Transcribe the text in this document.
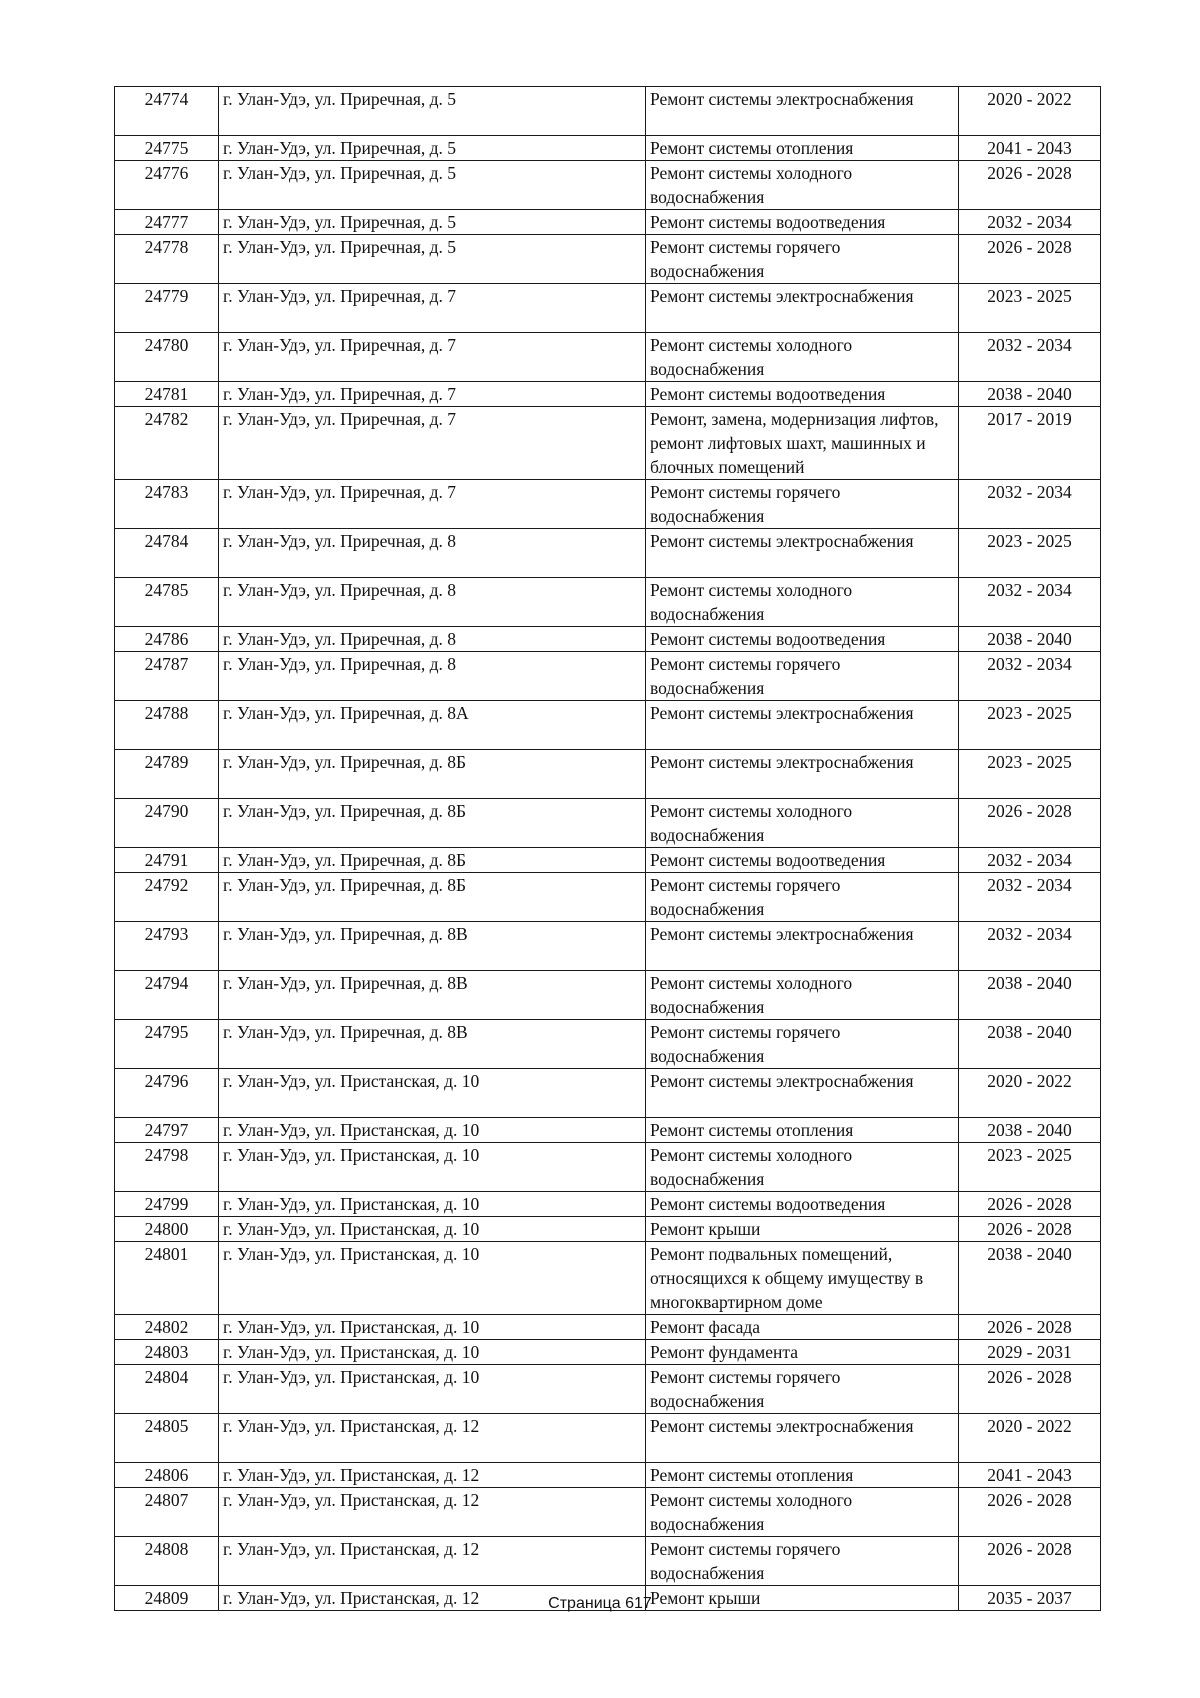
24774	г. Улан-Удэ, ул. Приречная, д. 5	Ремонт системы электроснабжения	2020 - 2022
24775	г. Улан-Удэ, ул. Приречная, д. 5	Ремонт системы отопления	2041 - 2043
24776	г. Улан-Удэ, ул. Приречная, д. 5	Ремонт системы холодного водоснабжения	2026 - 2028
24777	г. Улан-Удэ, ул. Приречная, д. 5	Ремонт системы водоотведения	2032 - 2034
24778	г. Улан-Удэ, ул. Приречная, д. 5	Ремонт системы горячего водоснабжения	2026 - 2028
24779	г. Улан-Удэ, ул. Приречная, д. 7	Ремонт системы электроснабжения	2023 - 2025
24780	г. Улан-Удэ, ул. Приречная, д. 7	Ремонт системы холодного водоснабжения	2032 - 2034
24781	г. Улан-Удэ, ул. Приречная, д. 7	Ремонт системы водоотведения	2038 - 2040
24782	г. Улан-Удэ, ул. Приречная, д. 7	Ремонт, замена, модернизация лифтов, ремонт лифтовых шахт, машинных и блочных помещений	2017 - 2019
24783	г. Улан-Удэ, ул. Приречная, д. 7	Ремонт системы горячего водоснабжения	2032 - 2034
24784	г. Улан-Удэ, ул. Приречная, д. 8	Ремонт системы электроснабжения	2023 - 2025
24785	г. Улан-Удэ, ул. Приречная, д. 8	Ремонт системы холодного водоснабжения	2032 - 2034
24786	г. Улан-Удэ, ул. Приречная, д. 8	Ремонт системы водоотведения	2038 - 2040
24787	г. Улан-Удэ, ул. Приречная, д. 8	Ремонт системы горячего водоснабжения	2032 - 2034
24788	г. Улан-Удэ, ул. Приречная, д. 8А	Ремонт системы электроснабжения	2023 - 2025
24789	г. Улан-Удэ, ул. Приречная, д. 8Б	Ремонт системы электроснабжения	2023 - 2025
24790	г. Улан-Удэ, ул. Приречная, д. 8Б	Ремонт системы холодного водоснабжения	2026 - 2028
24791	г. Улан-Удэ, ул. Приречная, д. 8Б	Ремонт системы водоотведения	2032 - 2034
24792	г. Улан-Удэ, ул. Приречная, д. 8Б	Ремонт системы горячего водоснабжения	2032 - 2034
24793	г. Улан-Удэ, ул. Приречная, д. 8В	Ремонт системы электроснабжения	2032 - 2034
24794	г. Улан-Удэ, ул. Приречная, д. 8В	Ремонт системы холодного водоснабжения	2038 - 2040
24795	г. Улан-Удэ, ул. Приречная, д. 8В	Ремонт системы горячего водоснабжения	2038 - 2040
24796	г. Улан-Удэ, ул. Пристанская, д. 10	Ремонт системы электроснабжения	2020 - 2022
24797	г. Улан-Удэ, ул. Пристанская, д. 10	Ремонт системы отопления	2038 - 2040
24798	г. Улан-Удэ, ул. Пристанская, д. 10	Ремонт системы холодного водоснабжения	2023 - 2025
24799	г. Улан-Удэ, ул. Пристанская, д. 10	Ремонт системы водоотведения	2026 - 2028
24800	г. Улан-Удэ, ул. Пристанская, д. 10	Ремонт крыши	2026 - 2028
24801	г. Улан-Удэ, ул. Пристанская, д. 10	Ремонт подвальных помещений, относящихся к общему имуществу в многоквартирном доме	2038 - 2040
24802	г. Улан-Удэ, ул. Пристанская, д. 10	Ремонт фасада	2026 - 2028
24803	г. Улан-Удэ, ул. Пристанская, д. 10	Ремонт фундамента	2029 - 2031
24804	г. Улан-Удэ, ул. Пристанская, д. 10	Ремонт системы горячего водоснабжения	2026 - 2028
24805	г. Улан-Удэ, ул. Пристанская, д. 12	Ремонт системы электроснабжения	2020 - 2022
24806	г. Улан-Удэ, ул. Пристанская, д. 12	Ремонт системы отопления	2041 - 2043
24807	г. Улан-Удэ, ул. Пристанская, д. 12	Ремонт системы холодного водоснабжения	2026 - 2028
24808	г. Улан-Удэ, ул. Пристанская, д. 12	Ремонт системы горячего водоснабжения	2026 - 2028
24809	г. Улан-Удэ, ул. Пристанская, д. 12	Ремонт крыши	2035 - 2037
Страница 617
